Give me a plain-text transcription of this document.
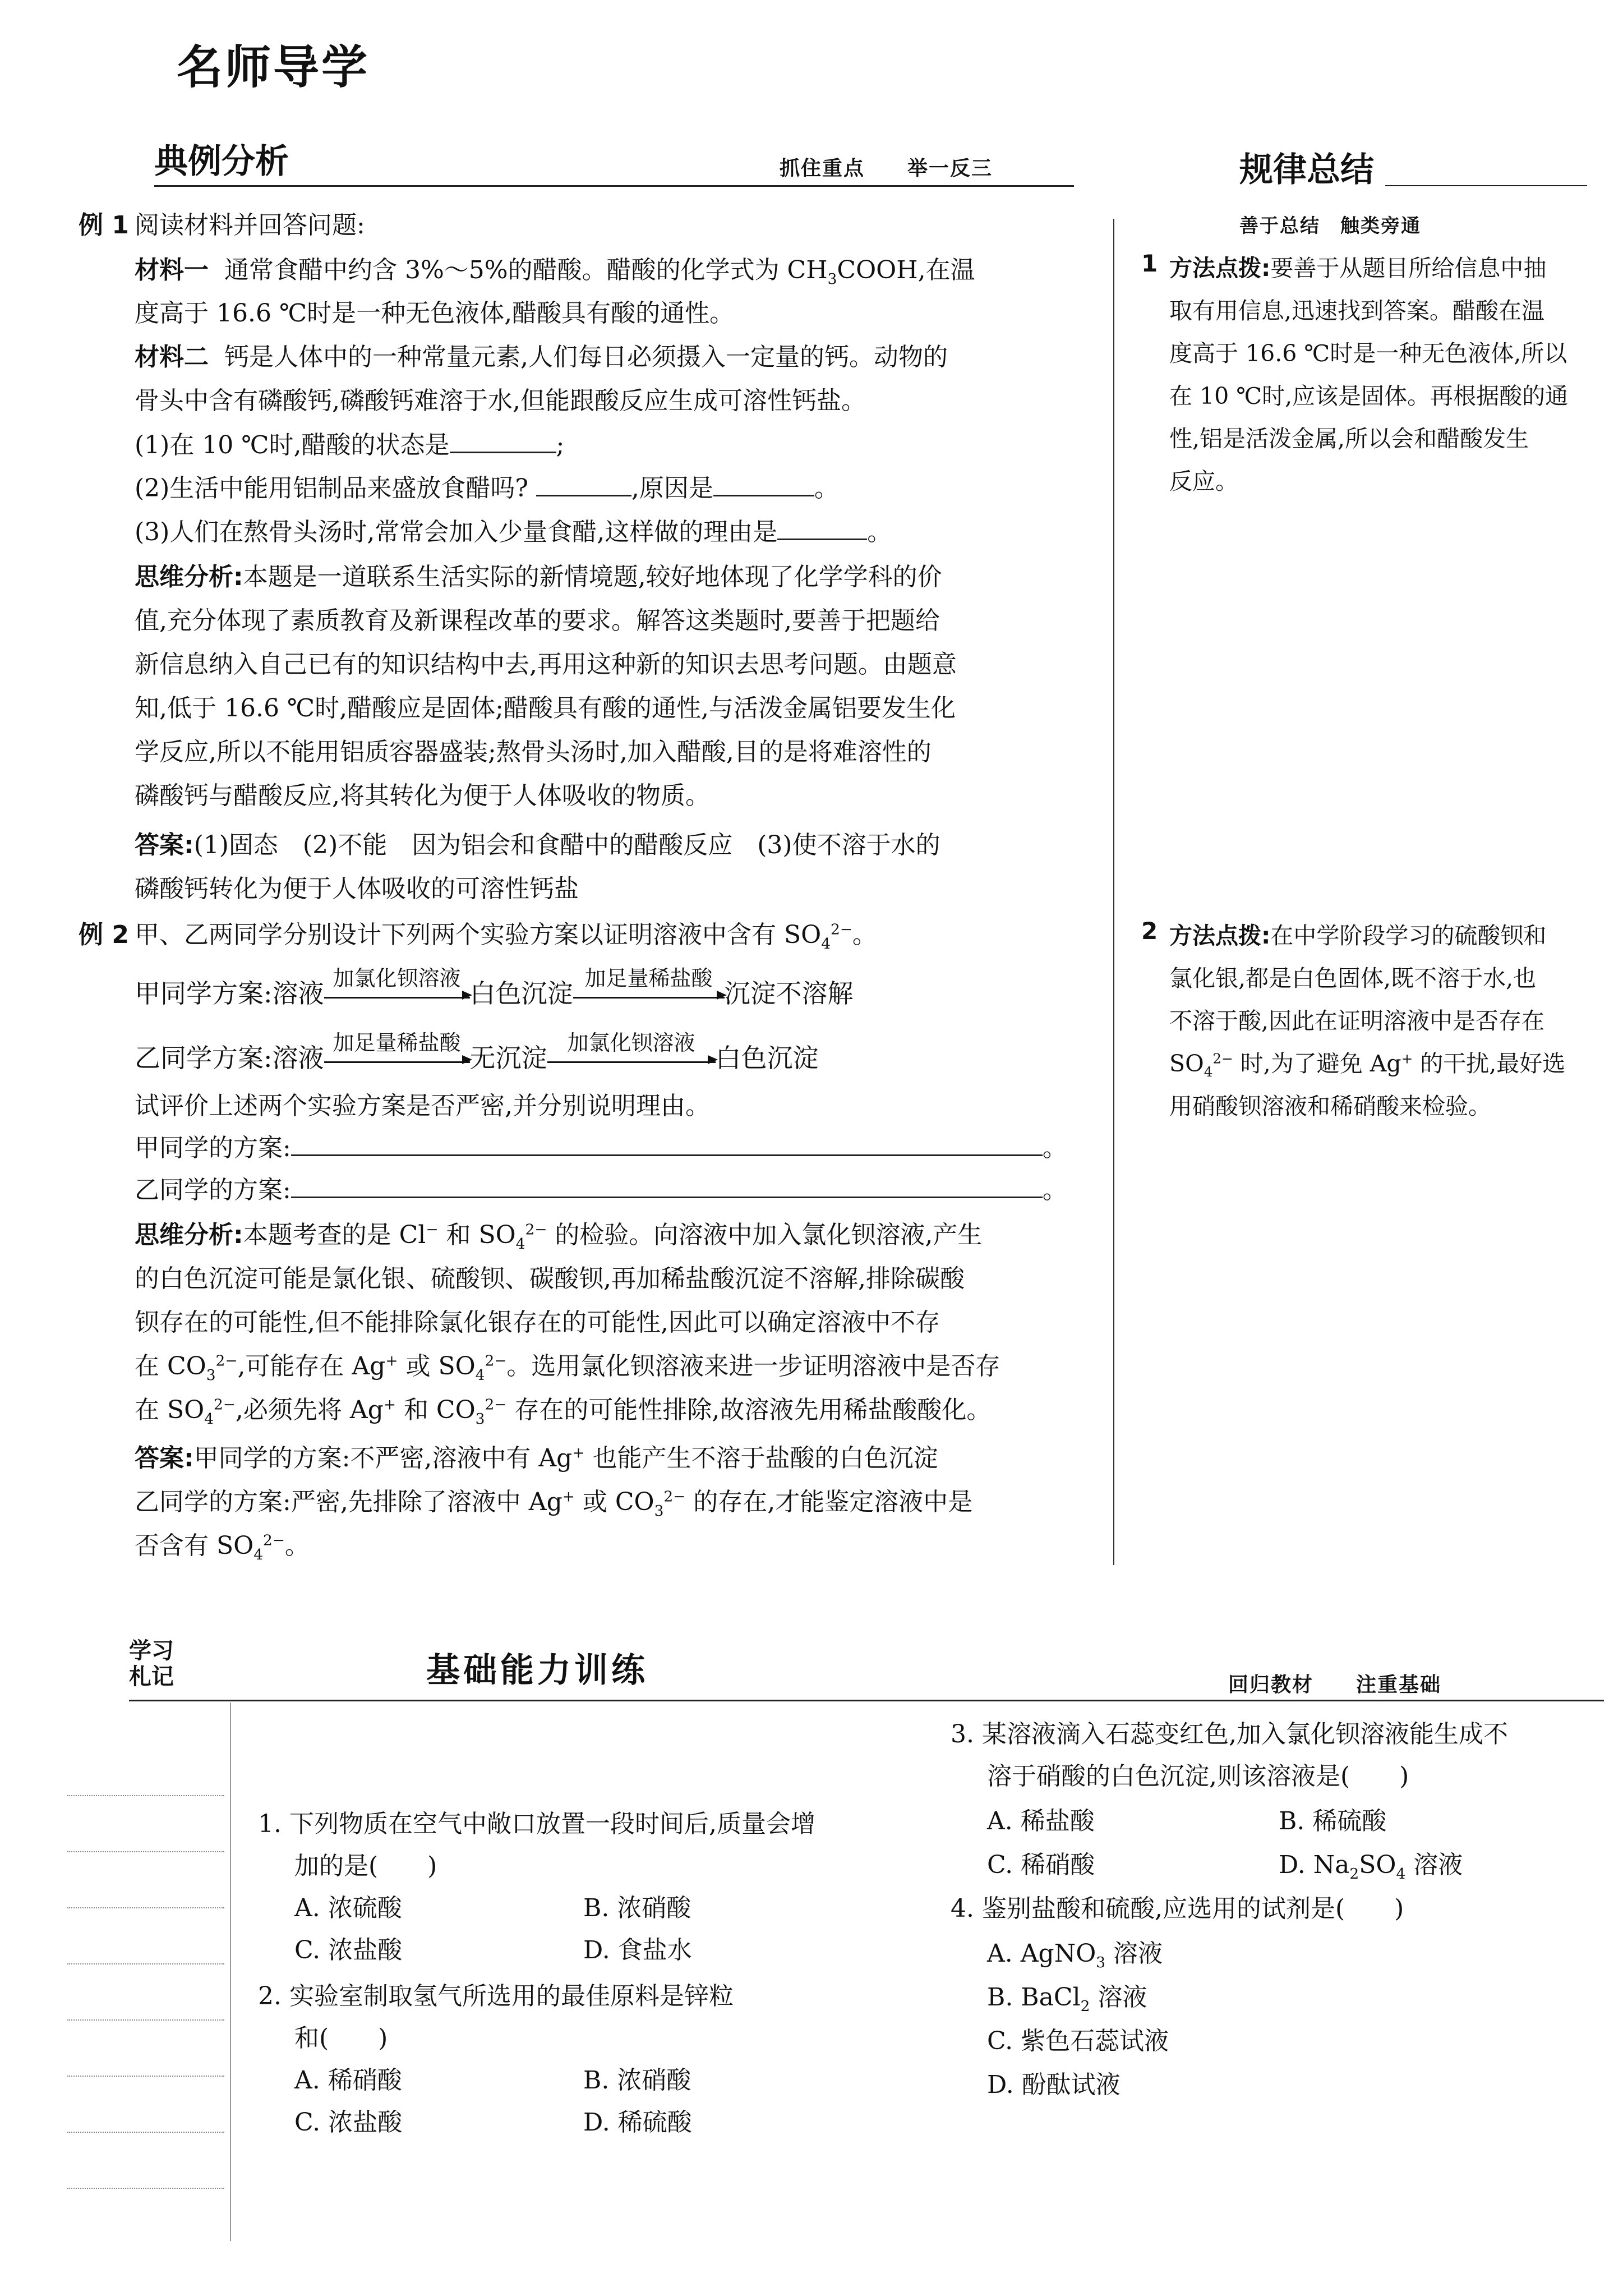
名师导学
典例分析	抓住重点　　举一反三	规律总结
善于总结　触类旁通
例 1 阅读材料并回答问题:
材料一 通常食醋中约含 3%～5%的醋酸。醋酸的化学式为 $CH_3COOH$,在温
度高于 16.6 ℃时是一种无色液体,醋酸具有酸的通性。
材料二 钙是人体中的一种常量元素,人们每日必须摄入一定量的钙。动物的
骨头中含有磷酸钙,磷酸钙难溶于水,但能跟酸反应生成可溶性钙盐。
(1)在 10 ℃时,醋酸的状态是	;
(2)生活中能用铝制品来盛放食醋吗?	,原因是	。
(3)人们在熬骨头汤时,常常会加入少量食醋,这样做的理由是	。
思维分析:本题是一道联系生活实际的新情境题,较好地体现了化学学科的价
值,充分体现了素质教育及新课程改革的要求。解答这类题时,要善于把题给
新信息纳入自己已有的知识结构中去,再用这种新的知识去思考问题。由题意
知,低于 16.6 ℃时,醋酸应是固体;醋酸具有酸的通性,与活泼金属铝要发生化
学反应,所以不能用铝质容器盛装;熬骨头汤时,加入醋酸,目的是将难溶性的
磷酸钙与醋酸反应,将其转化为便于人体吸收的物质。
答案:(1)固态　(2)不能　因为铝会和食醋中的醋酸反应　(3)使不溶于水的
磷酸钙转化为便于人体吸收的可溶性钙盐
例 2 甲、乙两同学分别设计下列两个实验方案以证明溶液中含有 $SO_4^{2-}$。
甲同学方案:溶液
加氯化钡溶液
白色沉淀
加足量稀盐酸
沉淀不溶解
乙同学方案:溶液
加足量稀盐酸
无沉淀
加氯化钡溶液
白色沉淀
试评价上述两个实验方案是否严密,并分别说明理由。
甲同学的方案:	。
乙同学的方案:	。
思维分析:本题考查的是 Cl− 和 $SO_4^{2-}$ 的检验。向溶液中加入氯化钡溶液,产生
的白色沉淀可能是氯化银、硫酸钡、碳酸钡,再加稀盐酸沉淀不溶解,排除碳酸
钡存在的可能性,但不能排除氯化银存在的可能性,因此可以确定溶液中不存
在 $CO_3^{2-}$,可能存在 Ag+ 或 $SO_4^{2-}$。选用氯化钡溶液来进一步证明溶液中是否存
在 $SO_4^{2-}$,必须先将 Ag+ 和 $CO_3^{2-}$ 存在的可能性排除,故溶液先用稀盐酸酸化。
答案:甲同学的方案:不严密,溶液中有 Ag+ 也能产生不溶于盐酸的白色沉淀
乙同学的方案:严密,先排除了溶液中 Ag+ 或 $CO_3^{2-}$ 的存在,才能鉴定溶液中是
否含有 $SO_4^{2-}$。
1 方法点拨:要善于从题目所给信息中抽
取有用信息,迅速找到答案。醋酸在温
度高于 16.6 ℃时是一种无色液体,所以
在 10 ℃时,应该是固体。再根据酸的通
性,铝是活泼金属,所以会和醋酸发生
反应。
2 方法点拨:在中学阶段学习的硫酸钡和
氯化银,都是白色固体,既不溶于水,也
不溶于酸,因此在证明溶液中是否存在
$SO_4^{2-}$ 时,为了避免 Ag+ 的干扰,最好选
用硝酸钡溶液和稀硝酸来检验。
学习
札记	基础能力训练	回归教材　　注重基础
1. 下列物质在空气中敞口放置一段时间后,质量会增
加的是(　　)
A. 浓硫酸	B. 浓硝酸
C. 浓盐酸	D. 食盐水
2. 实验室制取氢气所选用的最佳原料是锌粒
和(　　)
A. 稀硝酸	B. 浓硝酸
C. 浓盐酸	D. 稀硫酸
3. 某溶液滴入石蕊变红色,加入氯化钡溶液能生成不
溶于硝酸的白色沉淀,则该溶液是(　　)
A. 稀盐酸	B. 稀硫酸
C. 稀硝酸	D. $Na_2SO_4$ 溶液
4. 鉴别盐酸和硫酸,应选用的试剂是(　　)
A. AgNO$_3$ 溶液
B. BaCl$_2$ 溶液
C. 紫色石蕊试液
D. 酚酞试液
